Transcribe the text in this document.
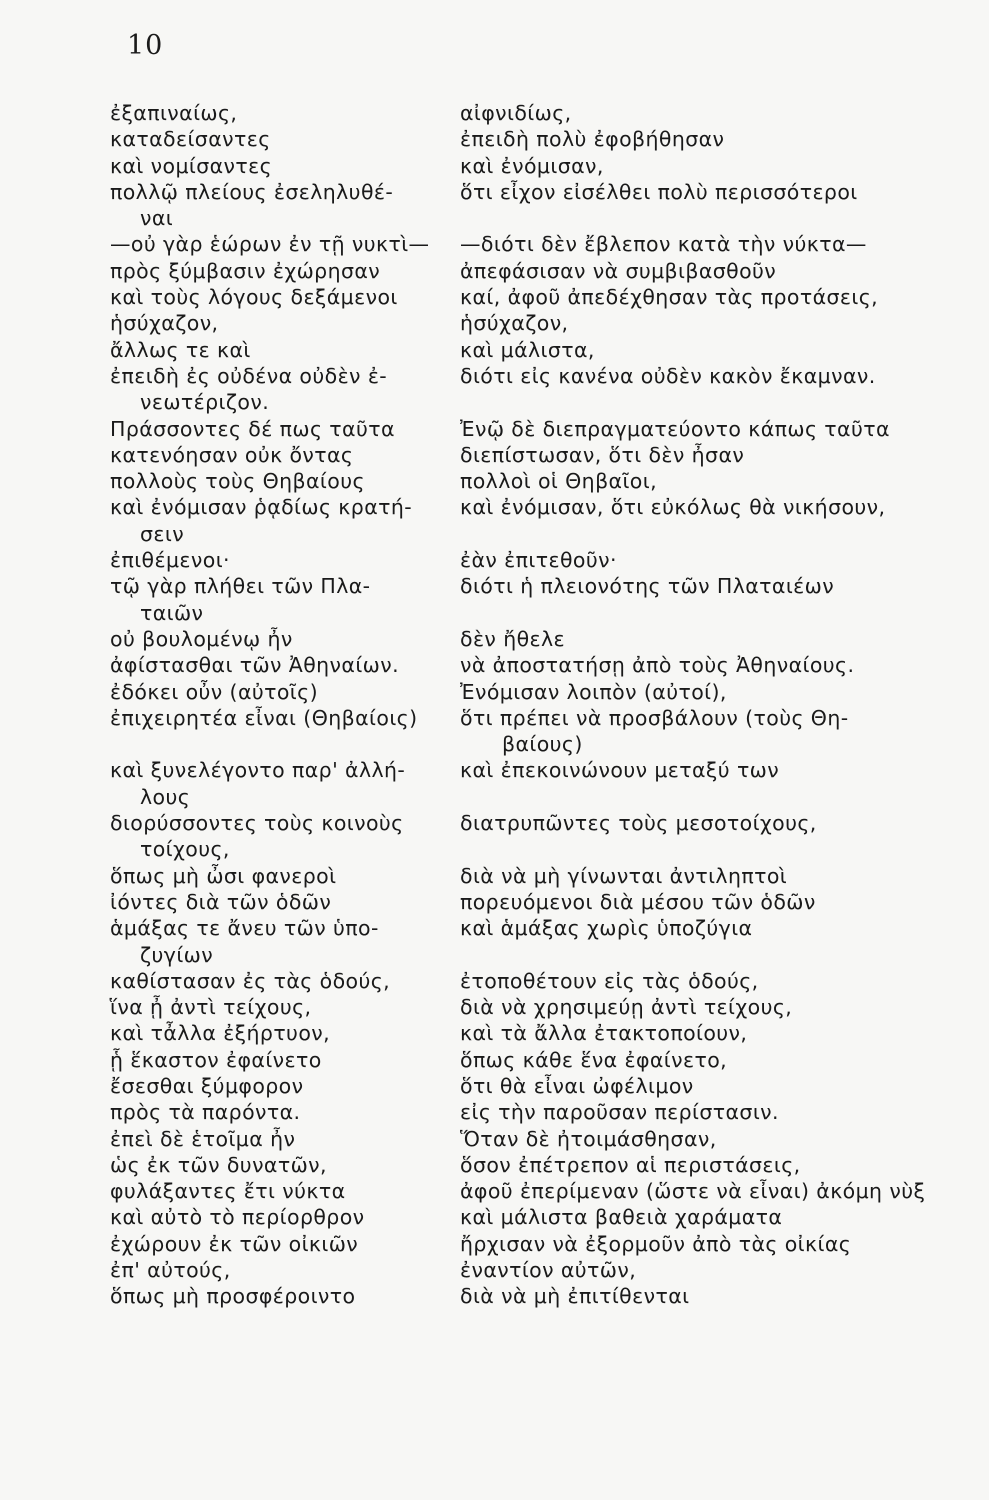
10
ἐξαπιναίως,
καταδείσαντες
καὶ νομίσαντες
πολλῷ πλείους ἐσεληλυθέ-
ναι
—οὐ γὰρ ἑώρων ἐν τῇ νυκτὶ—
πρὸς ξύμβασιν ἐχώρησαν
καὶ τοὺς λόγους δεξάμενοι
ἡσύχαζον,
ἄλλως τε καὶ
ἐπειδὴ ἐς οὐδένα οὐδὲν ἐ-
νεωτέριζον.
Πράσσοντες δέ πως ταῦτα
κατενόησαν οὐκ ὄντας
πολλοὺς τοὺς Θηβαίους
καὶ ἐνόμισαν ῥᾳδίως κρατή-
σειν
ἐπιθέμενοι·
τῷ γὰρ πλήθει τῶν Πλα-
ταιῶν
οὐ βουλομένῳ ἦν
ἀφίστασθαι τῶν Ἀθηναίων.
ἐδόκει οὖν (αὐτοῖς)
ἐπιχειρητέα εἶναι (Θηβαίοις)
καὶ ξυνελέγοντο παρ' ἀλλή-
λους
διορύσσοντες τοὺς κοινοὺς
τοίχους,
ὅπως μὴ ὦσι φανεροὶ
ἰόντες διὰ τῶν ὁδῶν
ἁμάξας τε ἄνευ τῶν ὑπο-
ζυγίων
καθίστασαν ἐς τὰς ὁδούς,
ἵνα ᾖ ἀντὶ τείχους,
καὶ τἆλλα ἐξήρτυον,
ᾗ ἕκαστον ἐφαίνετο
ἔσεσθαι ξύμφορον
πρὸς τὰ παρόντα.
ἐπεὶ δὲ ἑτοῖμα ἦν
ὡς ἐκ τῶν δυνατῶν,
φυλάξαντες ἔτι νύκτα
καὶ αὐτὸ τὸ περίορθρον
ἐχώρουν ἐκ τῶν οἰκιῶν
ἐπ' αὐτούς,
ὅπως μὴ προσφέροιντο
αἰφνιδίως,
ἐπειδὴ πολὺ ἐφοβήθησαν
καὶ ἐνόμισαν,
ὅτι εἶχον εἰσέλθει πολὺ περισσότεροι
—διότι δὲν ἔβλεπον κατὰ τὴν νύκτα—
ἀπεφάσισαν νὰ συμβιβασθοῦν
καί, ἀφοῦ ἀπεδέχθησαν τὰς προτάσεις,
ἡσύχαζον,
καὶ μάλιστα,
διότι εἰς κανένα οὐδὲν κακὸν ἔκαμναν.
Ἐνῷ δὲ διεπραγματεύοντο κάπως ταῦτα
διεπίστωσαν, ὅτι δὲν ἦσαν
πολλοὶ οἱ Θηβαῖοι,
καὶ ἐνόμισαν, ὅτι εὐκόλως θὰ νικήσουν,
ἐὰν ἐπιτεθοῦν·
διότι ἡ πλειονότης τῶν Πλαταιέων
δὲν ἤθελε
νὰ ἀποστατήσῃ ἀπὸ τοὺς Ἀθηναίους.
Ἐνόμισαν λοιπὸν (αὐτοί),
ὅτι πρέπει νὰ προσβάλουν (τοὺς Θη-
βαίους)
καὶ ἐπεκοινώνουν μεταξύ των
διατρυπῶντες τοὺς μεσοτοίχους,
διὰ νὰ μὴ γίνωνται ἀντιληπτοὶ
πορευόμενοι διὰ μέσου τῶν ὁδῶν
καὶ ἁμάξας χωρὶς ὑποζύγια
ἐτοποθέτουν εἰς τὰς ὁδούς,
διὰ νὰ χρησιμεύῃ ἀντὶ τείχους,
καὶ τὰ ἄλλα ἐτακτοποίουν,
ὅπως κάθε ἕνα ἐφαίνετο,
ὅτι θὰ εἶναι ὠφέλιμον
εἰς τὴν παροῦσαν περίστασιν.
Ὅταν δὲ ἠτοιμάσθησαν,
ὅσον ἐπέτρεπον αἱ περιστάσεις,
ἀφοῦ ἐπερίμεναν (ὥστε νὰ εἶναι) ἀκόμη νὺξ
καὶ μάλιστα βαθειὰ χαράματα
ἤρχισαν νὰ ἐξορμοῦν ἀπὸ τὰς οἰκίας
ἐναντίον αὐτῶν,
διὰ νὰ μὴ ἐπιτίθενται
